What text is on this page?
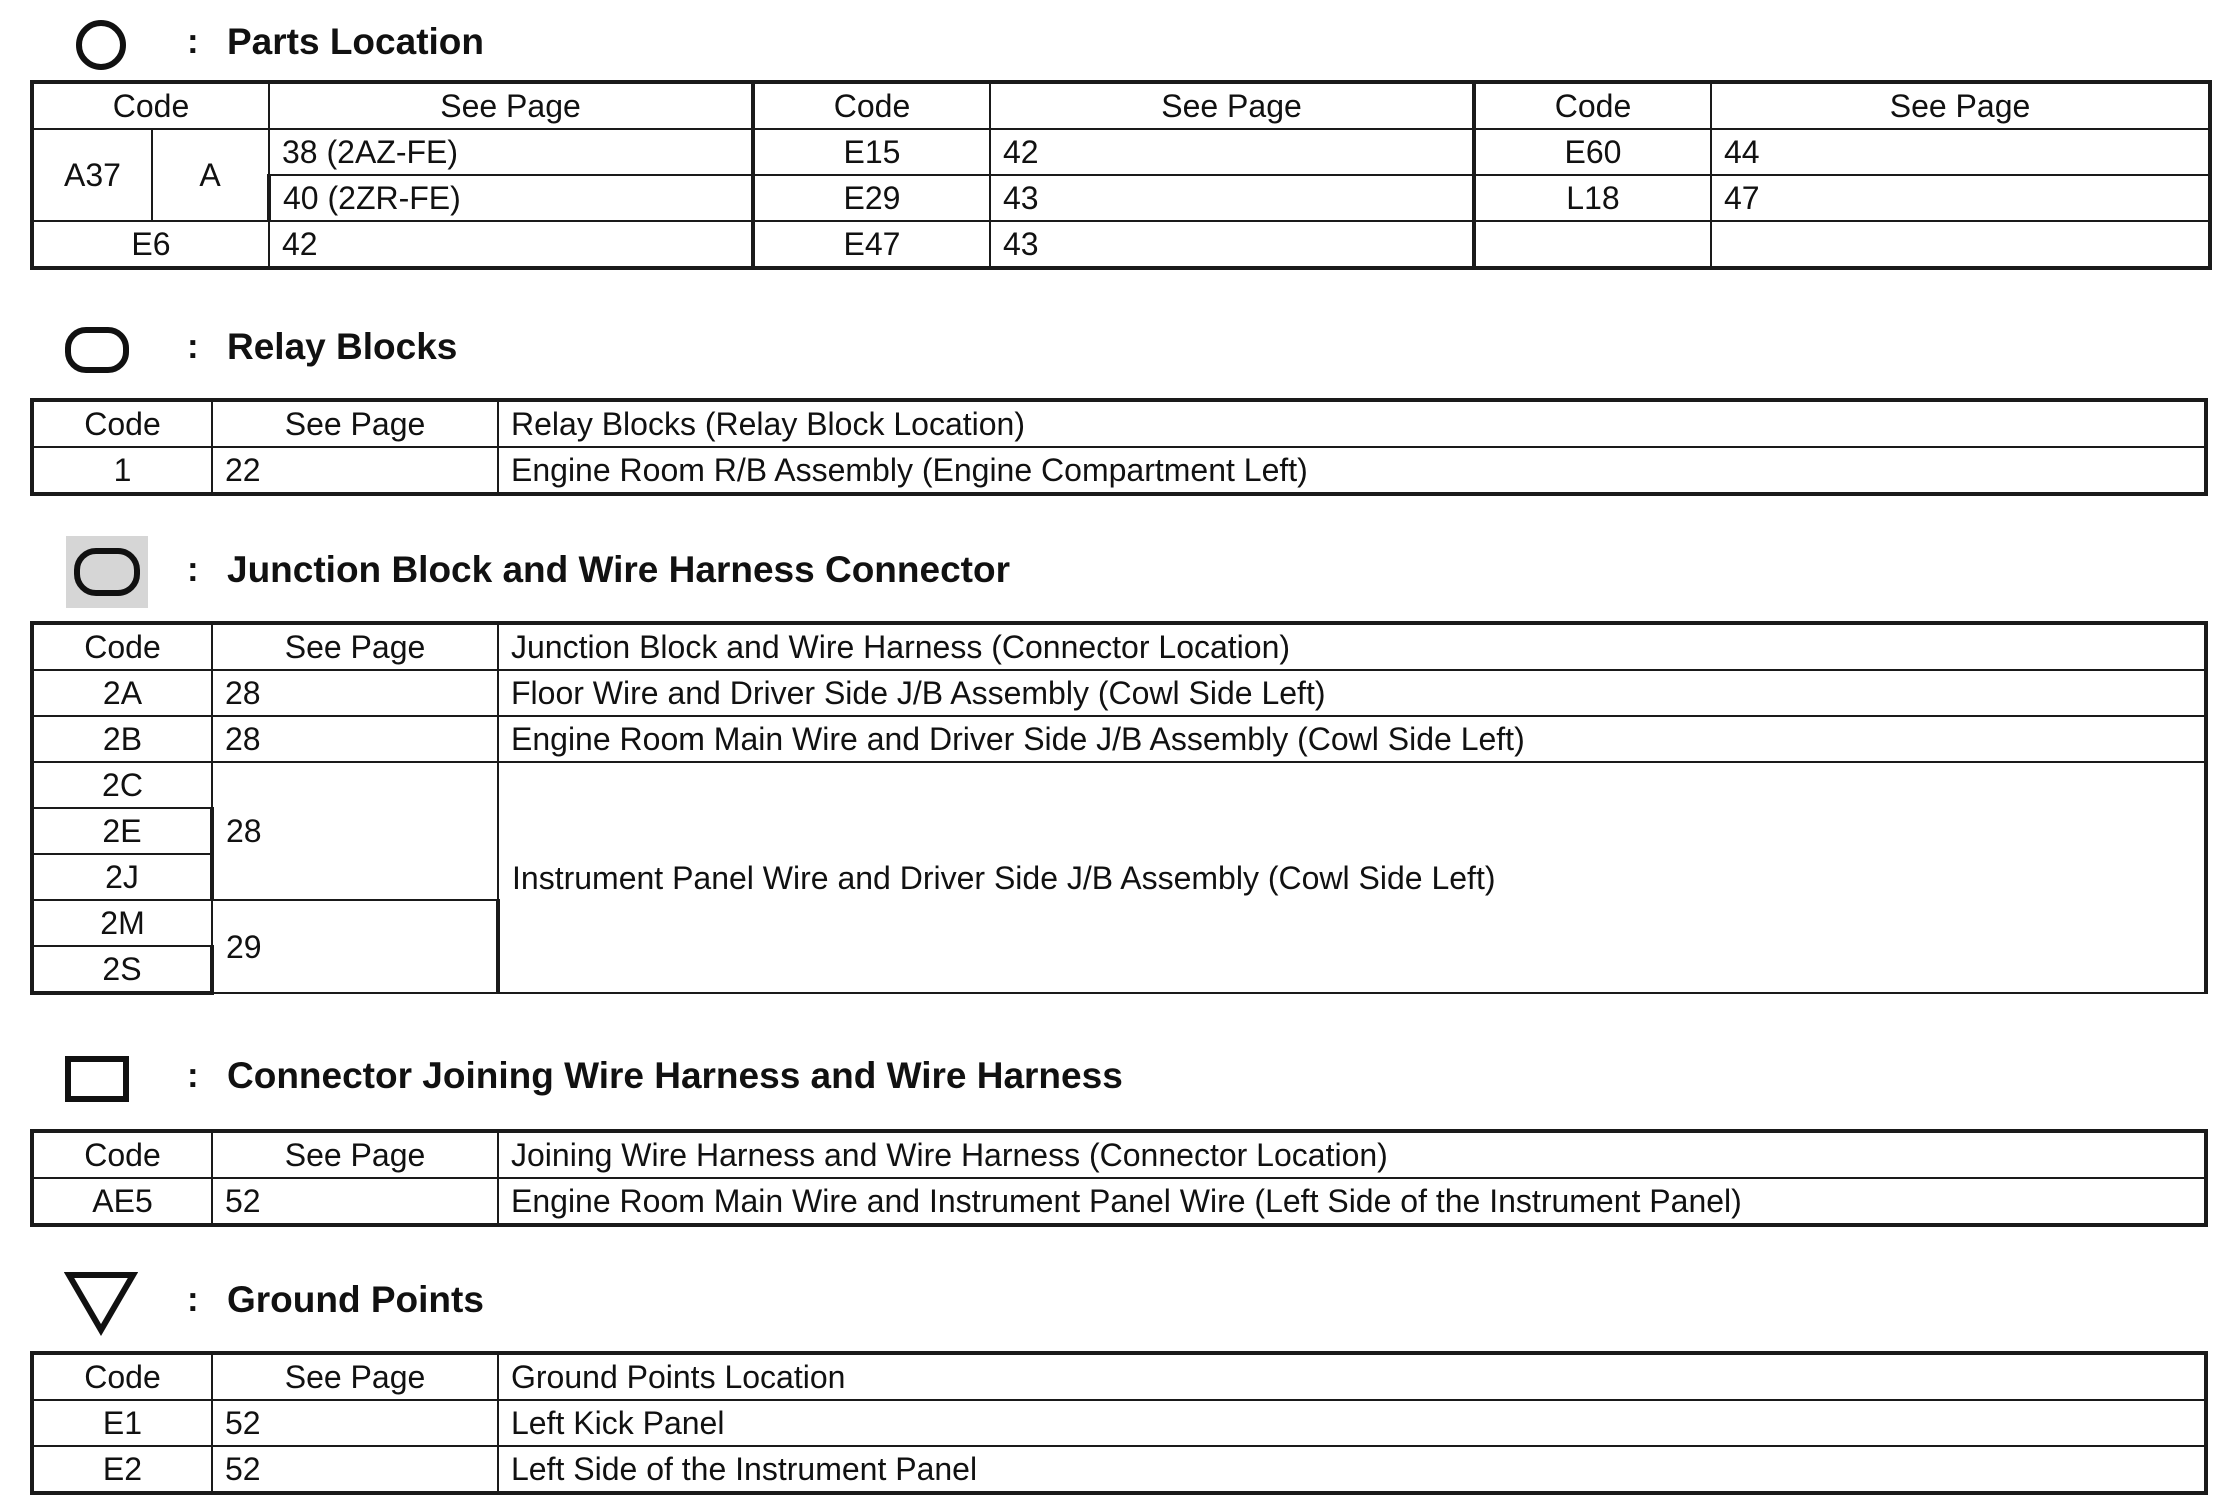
: Parts Location
Code		See Page	Code	See Page	Code	See Page
A37	A	38 (2AZ-FE)	E15	42	E60	44
		40 (2ZR-FE)	E29	43	L18	47
E6		42	E47	43		
: Relay Blocks
Code	See Page	Relay Blocks (Relay Block Location)
1	22	Engine Room R/B Assembly (Engine Compartment Left)
: Junction Block and Wire Harness Connector
Code	See Page	Junction Block and Wire Harness (Connector Location)
2A	28	Floor Wire and Driver Side J/B Assembly (Cowl Side Left)
2B	28	Engine Room Main Wire and Driver Side J/B Assembly (Cowl Side Left)
2C	28	Instrument Panel Wire and Driver Side J/B Assembly (Cowl Side Left)
2E		
2J		
2M	29	
2S		
: Connector Joining Wire Harness and Wire Harness
Code	See Page	Joining Wire Harness and Wire Harness (Connector Location)
AE5	52	Engine Room Main Wire and Instrument Panel Wire (Left Side of the Instrument Panel)
: Ground Points
Code	See Page	Ground Points Location
E1	52	Left Kick Panel
E2	52	Left Side of the Instrument Panel
